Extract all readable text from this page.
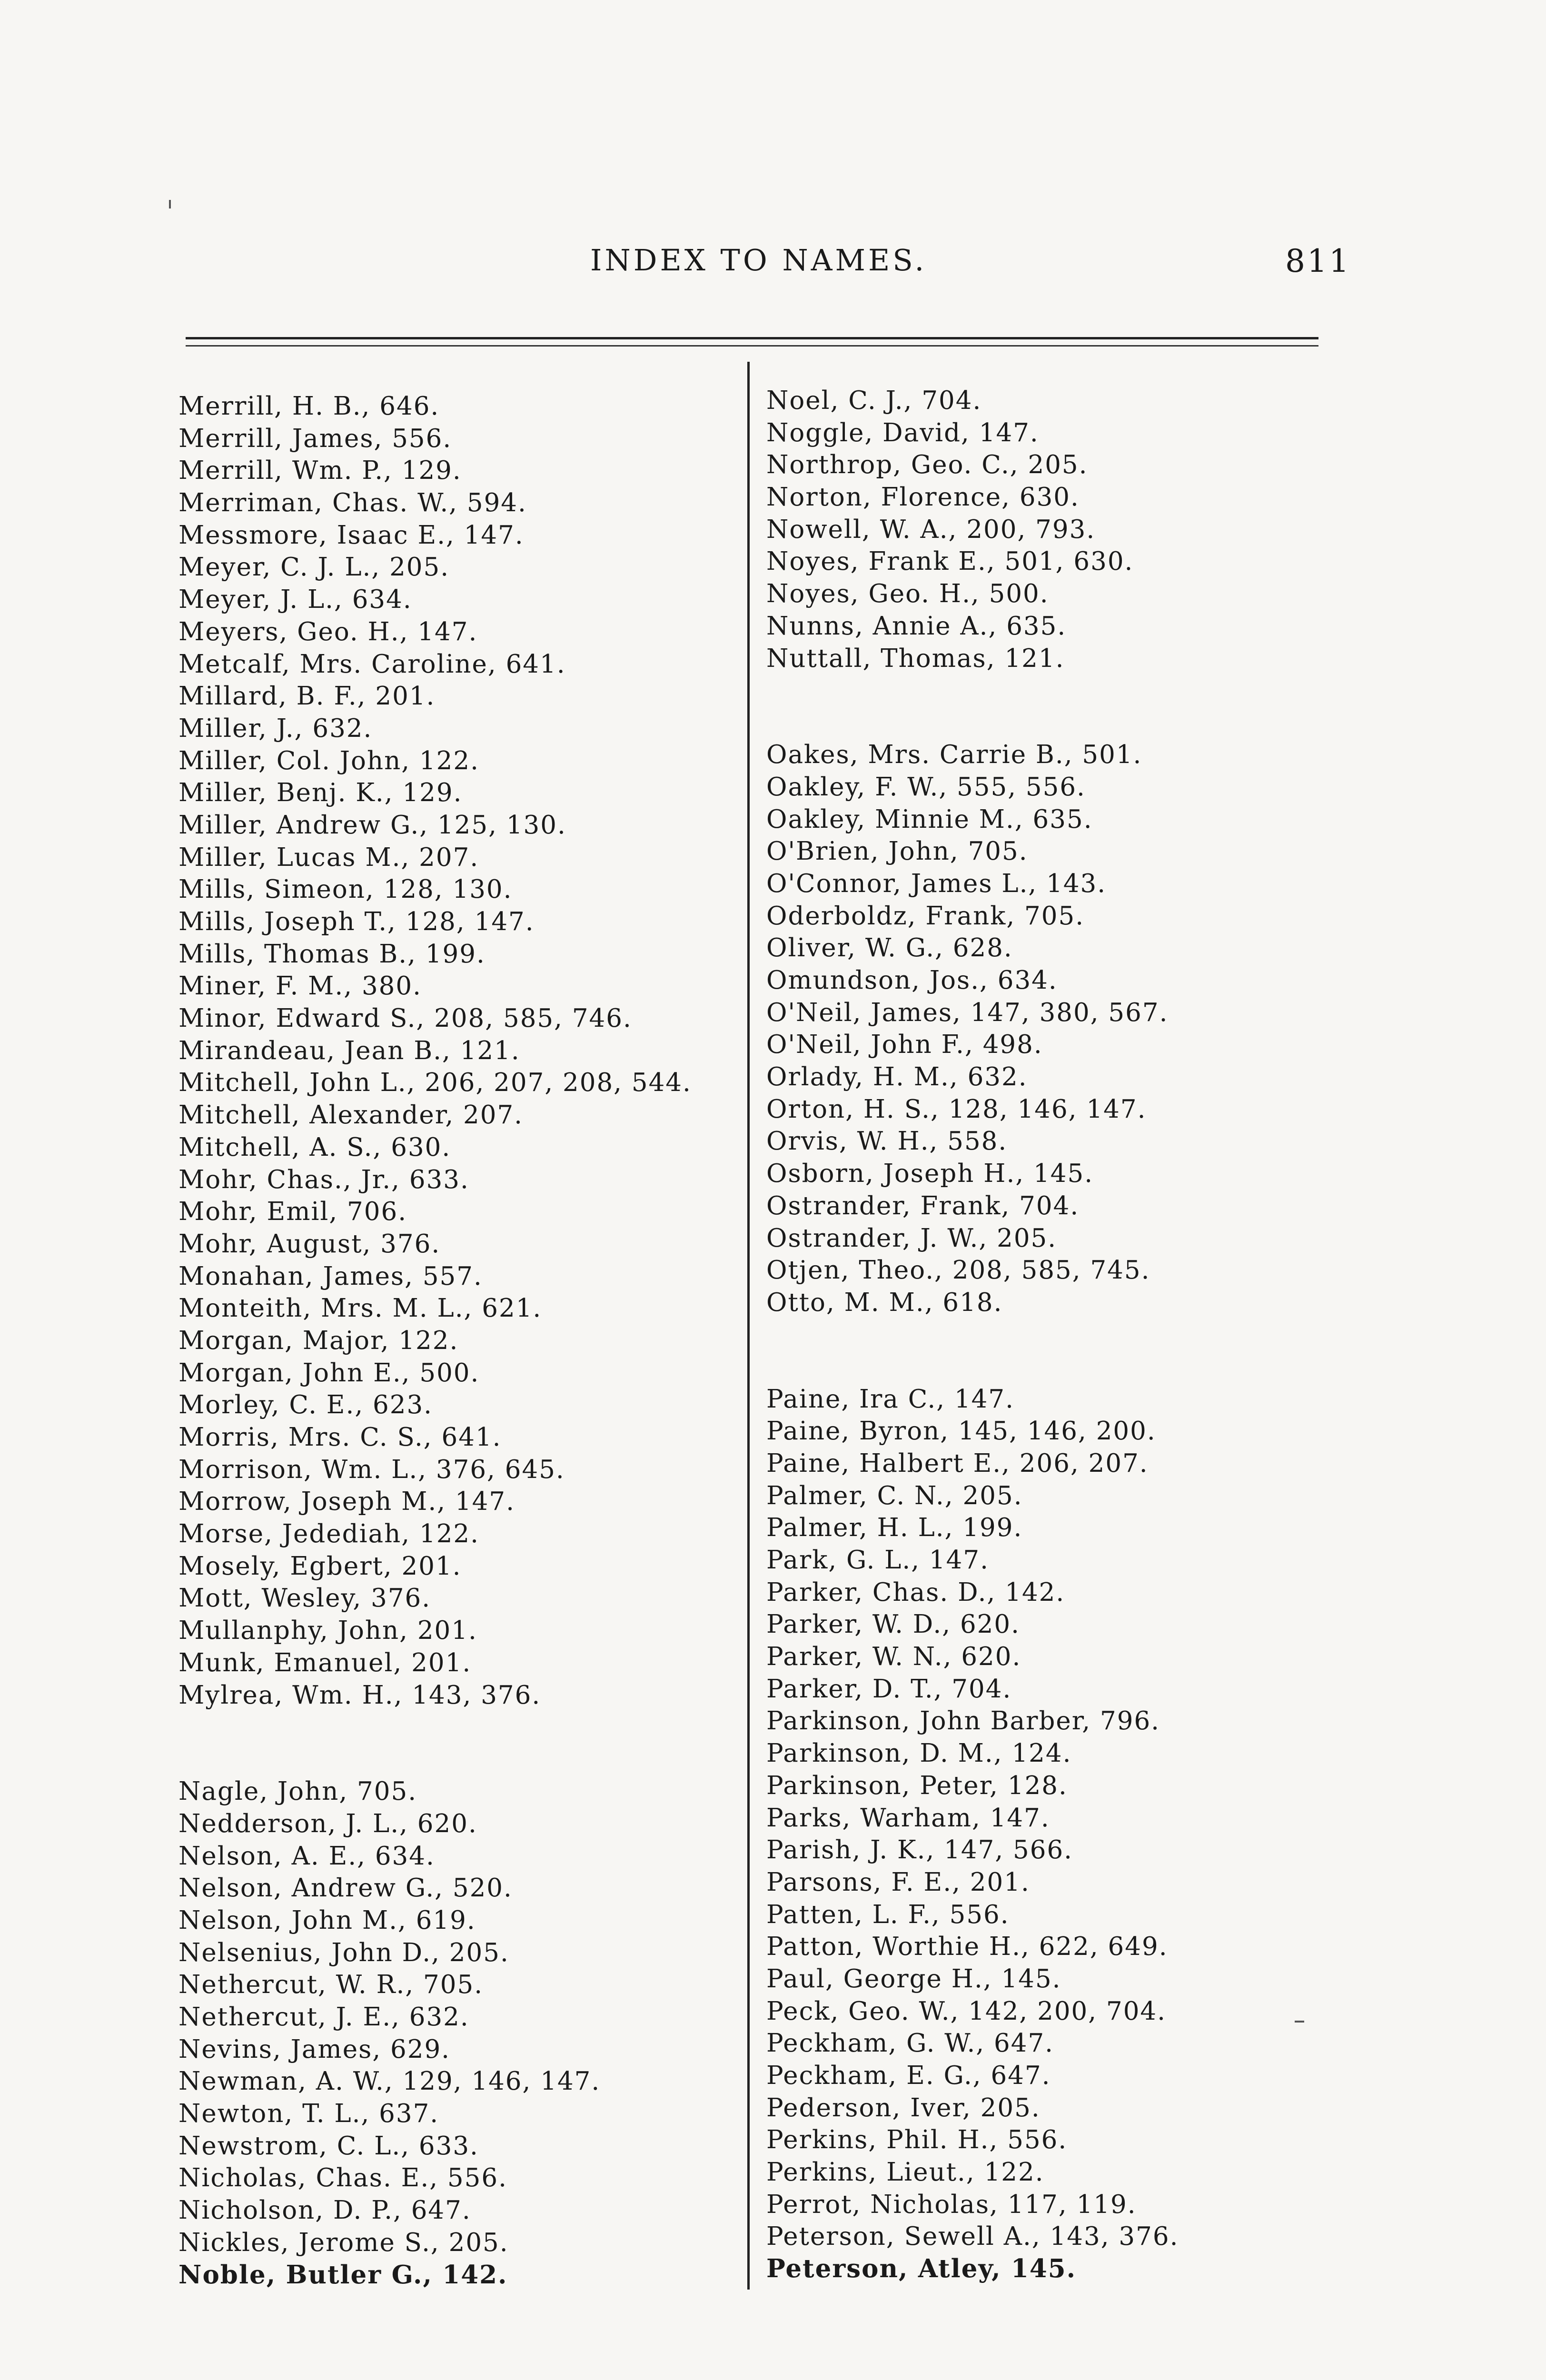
INDEX TO NAMES.	811
Merrill, H. B., 646.
Merrill, James, 556.
Merrill, Wm. P., 129.
Merriman, Chas. W., 594.
Messmore, Isaac E., 147.
Meyer, C. J. L., 205.
Meyer, J. L., 634.
Meyers, Geo. H., 147.
Metcalf, Mrs. Caroline, 641.
Millard, B. F., 201.
Miller, J., 632.
Miller, Col. John, 122.
Miller, Benj. K., 129.
Miller, Andrew G., 125, 130.
Miller, Lucas M., 207.
Mills, Simeon, 128, 130.
Mills, Joseph T., 128, 147.
Mills, Thomas B., 199.
Miner, F. M., 380.
Minor, Edward S., 208, 585, 746.
Mirandeau, Jean B., 121.
Mitchell, John L., 206, 207, 208, 544.
Mitchell, Alexander, 207.
Mitchell, A. S., 630.
Mohr, Chas., Jr., 633.
Mohr, Emil, 706.
Mohr, August, 376.
Monahan, James, 557.
Monteith, Mrs. M. L., 621.
Morgan, Major, 122.
Morgan, John E., 500.
Morley, C. E., 623.
Morris, Mrs. C. S., 641.
Morrison, Wm. L., 376, 645.
Morrow, Joseph M., 147.
Morse, Jedediah, 122.
Mosely, Egbert, 201.
Mott, Wesley, 376.
Mullanphy, John, 201.
Munk, Emanuel, 201.
Mylrea, Wm. H., 143, 376.
Nagle, John, 705.
Nedderson, J. L., 620.
Nelson, A. E., 634.
Nelson, Andrew G., 520.
Nelson, John M., 619.
Nelsenius, John D., 205.
Nethercut, W. R., 705.
Nethercut, J. E., 632.
Nevins, James, 629.
Newman, A. W., 129, 146, 147.
Newton, T. L., 637.
Newstrom, C. L., 633.
Nicholas, Chas. E., 556.
Nicholson, D. P., 647.
Nickles, Jerome S., 205.
Noble, Butler G., 142.
Noel, C. J., 704.
Noggle, David, 147.
Northrop, Geo. C., 205.
Norton, Florence, 630.
Nowell, W. A., 200, 793.
Noyes, Frank E., 501, 630.
Noyes, Geo. H., 500.
Nunns, Annie A., 635.
Nuttall, Thomas, 121.
Oakes, Mrs. Carrie B., 501.
Oakley, F. W., 555, 556.
Oakley, Minnie M., 635.
O'Brien, John, 705.
O'Connor, James L., 143.
Oderboldz, Frank, 705.
Oliver, W. G., 628.
Omundson, Jos., 634.
O'Neil, James, 147, 380, 567.
O'Neil, John F., 498.
Orlady, H. M., 632.
Orton, H. S., 128, 146, 147.
Orvis, W. H., 558.
Osborn, Joseph H., 145.
Ostrander, Frank, 704.
Ostrander, J. W., 205.
Otjen, Theo., 208, 585, 745.
Otto, M. M., 618.
Paine, Ira C., 147.
Paine, Byron, 145, 146, 200.
Paine, Halbert E., 206, 207.
Palmer, C. N., 205.
Palmer, H. L., 199.
Park, G. L., 147.
Parker, Chas. D., 142.
Parker, W. D., 620.
Parker, W. N., 620.
Parker, D. T., 704.
Parkinson, John Barber, 796.
Parkinson, D. M., 124.
Parkinson, Peter, 128.
Parks, Warham, 147.
Parish, J. K., 147, 566.
Parsons, F. E., 201.
Patten, L. F., 556.
Patton, Worthie H., 622, 649.
Paul, George H., 145.
Peck, Geo. W., 142, 200, 704.
Peckham, G. W., 647.
Peckham, E. G., 647.
Pederson, Iver, 205.
Perkins, Phil. H., 556.
Perkins, Lieut., 122.
Perrot, Nicholas, 117, 119.
Peterson, Sewell A., 143, 376.
Peterson, Atley, 145.
